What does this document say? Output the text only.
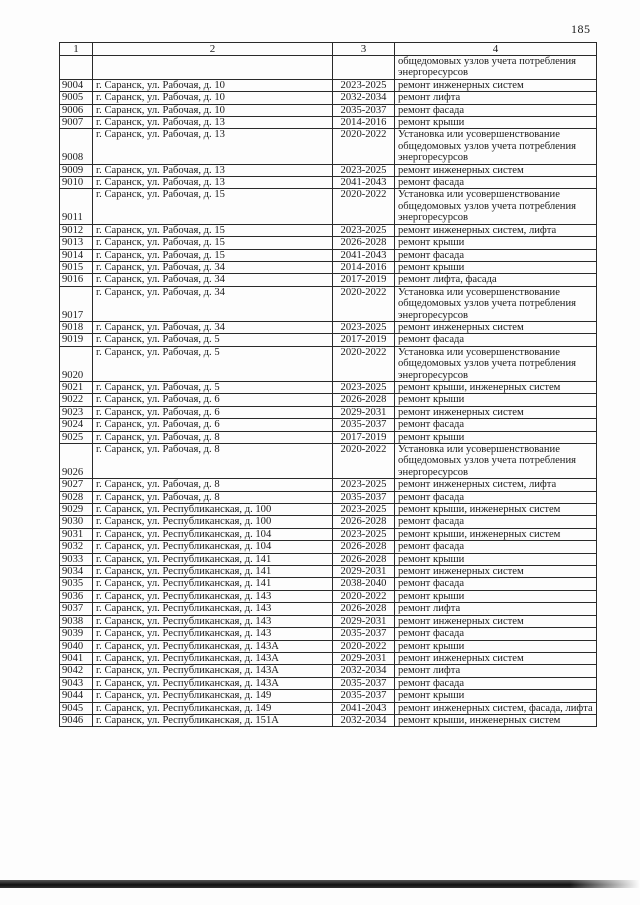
185
1	2	3	4
			общедомовых узлов учета потребления энергоресурсов
9004	г. Саранск, ул. Рабочая, д. 10	2023-2025	ремонт инженерных систем
9005	г. Саранск, ул. Рабочая, д. 10	2032-2034	ремонт лифта
9006	г. Саранск, ул. Рабочая, д. 10	2035-2037	ремонт фасада
9007	г. Саранск, ул. Рабочая, д. 13	2014-2016	ремонт крыши
9008	г. Саранск, ул. Рабочая, д. 13	2020-2022	Установка или усовершенствование общедомовых узлов учета потребления энергоресурсов
9009	г. Саранск, ул. Рабочая, д. 13	2023-2025	ремонт инженерных систем
9010	г. Саранск, ул. Рабочая, д. 13	2041-2043	ремонт фасада
9011	г. Саранск, ул. Рабочая, д. 15	2020-2022	Установка или усовершенствование общедомовых узлов учета потребления энергоресурсов
9012	г. Саранск, ул. Рабочая, д. 15	2023-2025	ремонт инженерных систем, лифта
9013	г. Саранск, ул. Рабочая, д. 15	2026-2028	ремонт крыши
9014	г. Саранск, ул. Рабочая, д. 15	2041-2043	ремонт фасада
9015	г. Саранск, ул. Рабочая, д. 34	2014-2016	ремонт крыши
9016	г. Саранск, ул. Рабочая, д. 34	2017-2019	ремонт лифта, фасада
9017	г. Саранск, ул. Рабочая, д. 34	2020-2022	Установка или усовершенствование общедомовых узлов учета потребления энергоресурсов
9018	г. Саранск, ул. Рабочая, д. 34	2023-2025	ремонт инженерных систем
9019	г. Саранск, ул. Рабочая, д. 5	2017-2019	ремонт фасада
9020	г. Саранск, ул. Рабочая, д. 5	2020-2022	Установка или усовершенствование общедомовых узлов учета потребления энергоресурсов
9021	г. Саранск, ул. Рабочая, д. 5	2023-2025	ремонт крыши, инженерных систем
9022	г. Саранск, ул. Рабочая, д. 6	2026-2028	ремонт крыши
9023	г. Саранск, ул. Рабочая, д. 6	2029-2031	ремонт инженерных систем
9024	г. Саранск, ул. Рабочая, д. 6	2035-2037	ремонт фасада
9025	г. Саранск, ул. Рабочая, д. 8	2017-2019	ремонт крыши
9026	г. Саранск, ул. Рабочая, д. 8	2020-2022	Установка или усовершенствование общедомовых узлов учета потребления энергоресурсов
9027	г. Саранск, ул. Рабочая, д. 8	2023-2025	ремонт инженерных систем, лифта
9028	г. Саранск, ул. Рабочая, д. 8	2035-2037	ремонт фасада
9029	г. Саранск, ул. Республиканская, д. 100	2023-2025	ремонт крыши, инженерных систем
9030	г. Саранск, ул. Республиканская, д. 100	2026-2028	ремонт фасада
9031	г. Саранск, ул. Республиканская, д. 104	2023-2025	ремонт крыши, инженерных систем
9032	г. Саранск, ул. Республиканская, д. 104	2026-2028	ремонт фасада
9033	г. Саранск, ул. Республиканская, д. 141	2026-2028	ремонт крыши
9034	г. Саранск, ул. Республиканская, д. 141	2029-2031	ремонт инженерных систем
9035	г. Саранск, ул. Республиканская, д. 141	2038-2040	ремонт фасада
9036	г. Саранск, ул. Республиканская, д. 143	2020-2022	ремонт крыши
9037	г. Саранск, ул. Республиканская, д. 143	2026-2028	ремонт лифта
9038	г. Саранск, ул. Республиканская, д. 143	2029-2031	ремонт инженерных систем
9039	г. Саранск, ул. Республиканская, д. 143	2035-2037	ремонт фасада
9040	г. Саранск, ул. Республиканская, д. 143А	2020-2022	ремонт крыши
9041	г. Саранск, ул. Республиканская, д. 143А	2029-2031	ремонт инженерных систем
9042	г. Саранск, ул. Республиканская, д. 143А	2032-2034	ремонт лифта
9043	г. Саранск, ул. Республиканская, д. 143А	2035-2037	ремонт фасада
9044	г. Саранск, ул. Республиканская, д. 149	2035-2037	ремонт крыши
9045	г. Саранск, ул. Республиканская, д. 149	2041-2043	ремонт инженерных систем, фасада, лифта
9046	г. Саранск, ул. Республиканская, д. 151А	2032-2034	ремонт крыши, инженерных систем
